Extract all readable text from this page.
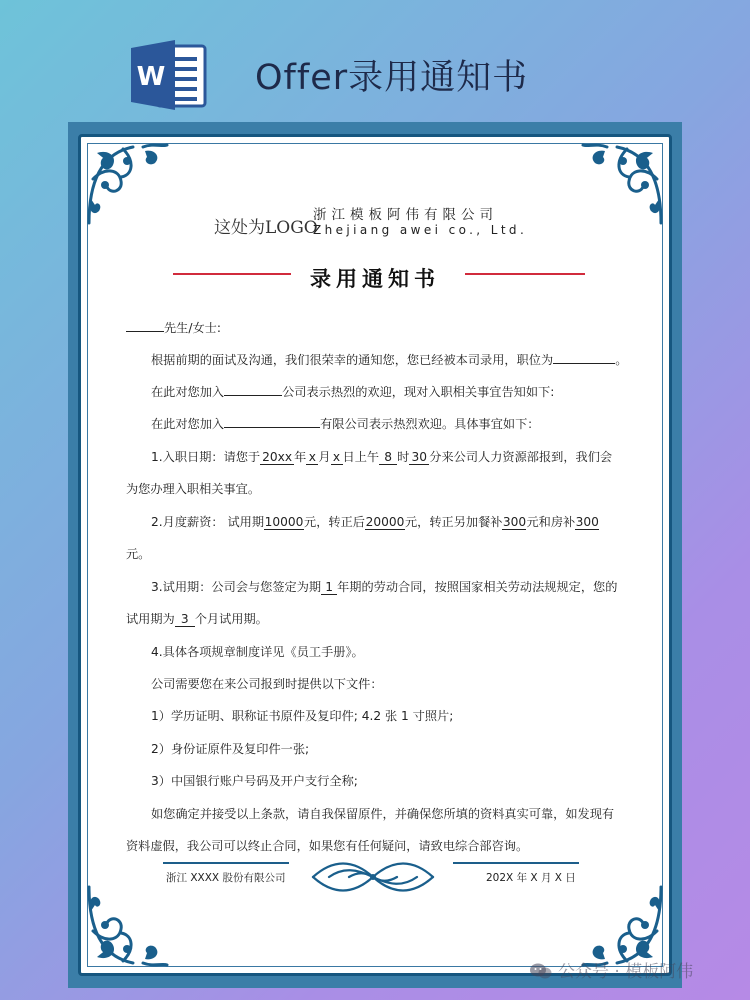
W	Offer录用通知书
这处为LOGO
浙江模板阿伟有限公司
Zhejiang awei co., Ltd.
录用通知书
先生/女士:
根据前期的面试及沟通，我们很荣幸的通知您，您已经被本司录用，职位为	。
在此对您加入	公司表示热烈的欢迎，现对入职相关事宜告知如下:
在此对您加入	有限公司表示热烈欢迎。具体事宜如下：
1.入职日期：请您于 20xx 年 x 月 x 日上午 8 时 30 分来公司人力资源部报到，我们会
为您办理入职相关事宜。
2.月度薪资： 试用期10000元，转正后20000元，转正另加餐补300元和房补300
元。
3.试用期：公司会与您签定为期 1 年期的劳动合同，按照国家相关劳动法规规定，您的
试用期为 3 个月试用期。
4.具体各项规章制度详见《员工手册》。
公司需要您在来公司报到时提供以下文件：
1）学历证明、职称证书原件及复印件; 4.2 张 1 寸照片;
2）身份证原件及复印件一张;
3）中国银行账户号码及开户支行全称;
如您确定并接受以上条款，请自我保留原件，并确保您所填的资料真实可靠，如发现有
资料虚假，我公司可以终止合同，如果您有任何疑问，请致电综合部咨询。
浙江 XXXX 股份有限公司	202X 年 X 月 X 日
公众号 · 模板阿伟
